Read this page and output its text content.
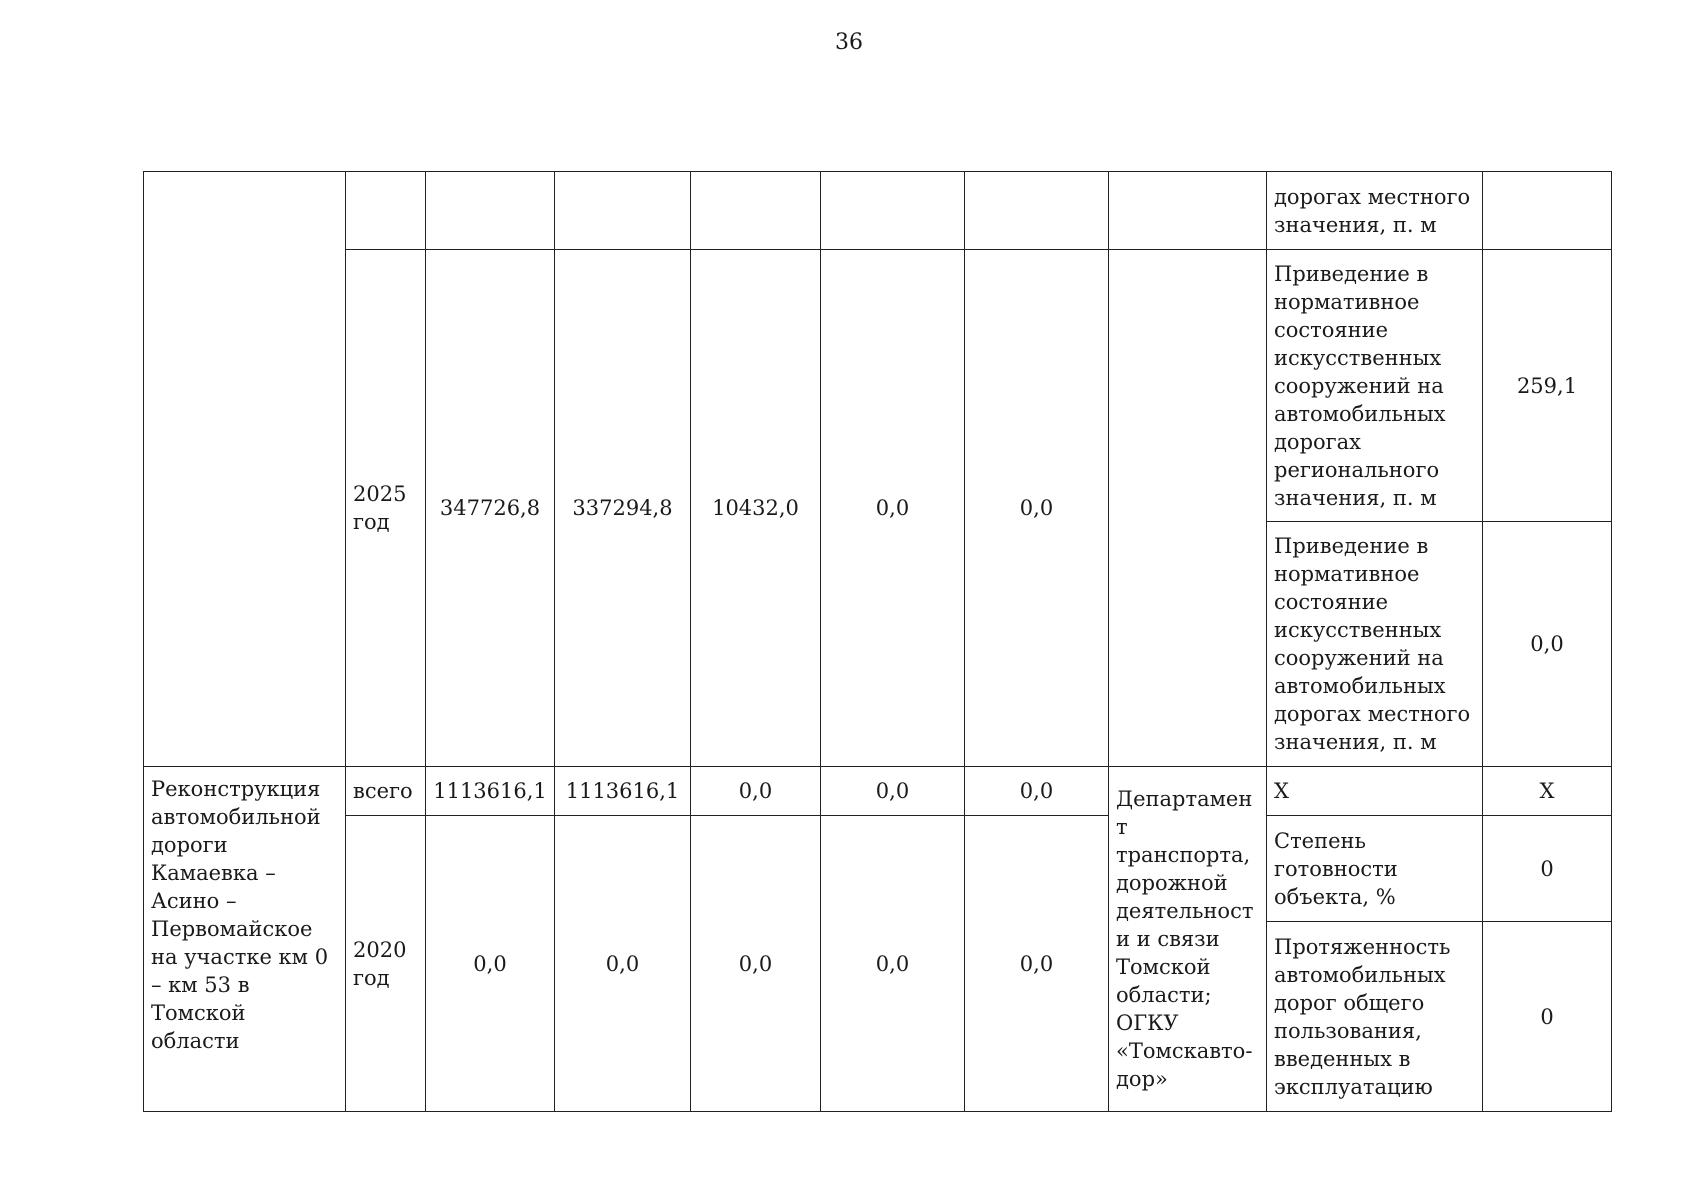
36
								дорогах местного значения, п. м	
	2025 год	347726,8	337294,8	10432,0	0,0	0,0		Приведение в нормативное состояние искусственных сооружений на автомобильных дорогах регионального значения, п. м	259,1
								Приведение в нормативное состояние искусственных сооружений на автомобильных дорогах местного значения, п. м	0,0
Реконструкция автомобильной дороги Камаевка – Асино – Первомайское на участке км 0 – км 53 в Томской области	всего	1113616,1	1113616,1	0,0	0,0	0,0	Департамент транспорта, дорожной деятельности и связи Томской области; ОГКУ «Томскавто-дор»	Х	Х
	2020 год	0,0	0,0	0,0	0,0	0,0		Степень готовности объекта, %	0
								Протяженность автомобильных дорог общего пользования, введенных в эксплуатацию	0
